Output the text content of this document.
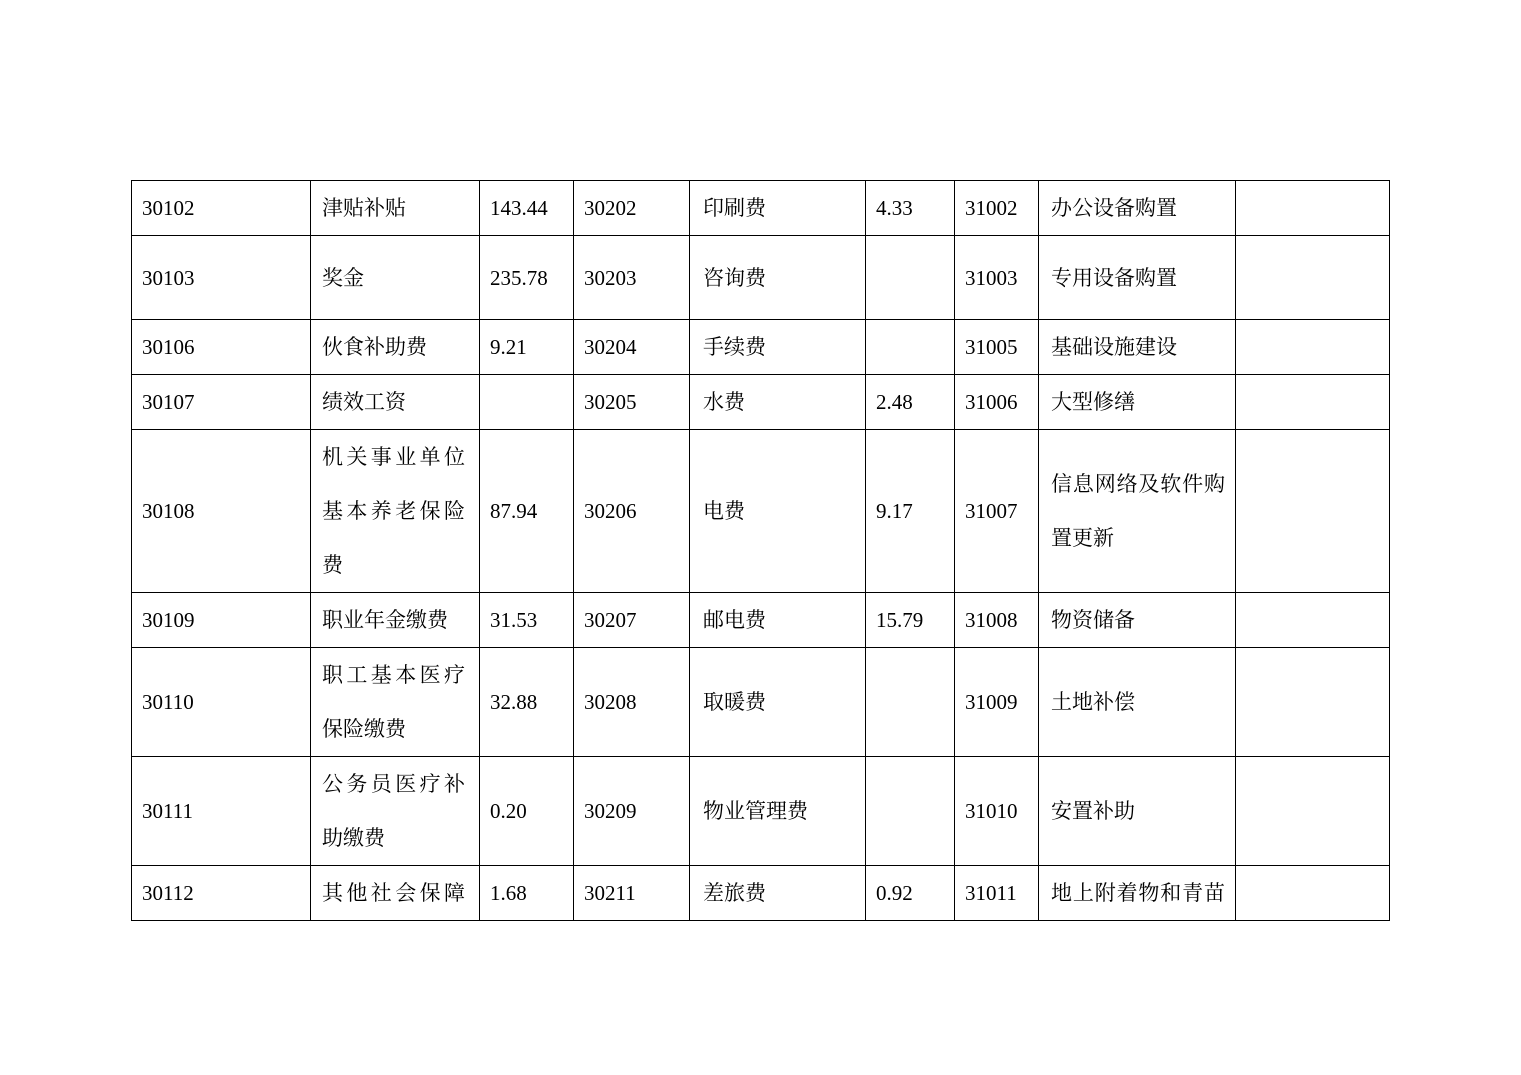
30102	津贴补贴	143.44	30202	印刷费	4.33	31002	办公设备购置	
30103	奖金	235.78	30203	咨询费		31003	专用设备购置	
30106	伙食补助费	9.21	30204	手续费		31005	基础设施建设	
30107	绩效工资		30205	水费	2.48	31006	大型修缮	
30108	机关事业单位基本养老保险费	87.94	30206	电费	9.17	31007	信息网络及软件购置更新	
30109	职业年金缴费	31.53	30207	邮电费	15.79	31008	物资储备	
30110	职工基本医疗保险缴费	32.88	30208	取暖费		31009	土地补偿	
30111	公务员医疗补助缴费	0.20	30209	物业管理费		31010	安置补助	
30112	其他社会保障	1.68	30211	差旅费	0.92	31011	地上附着物和青苗	
